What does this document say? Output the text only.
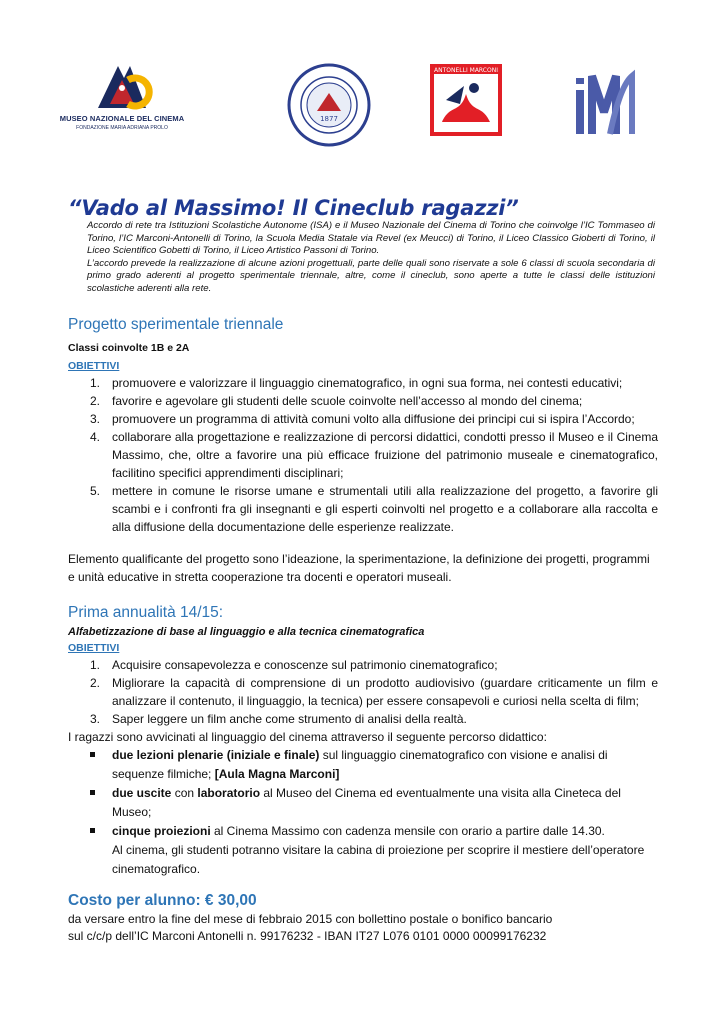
MUSEO NAZIONALE DEL CINEMA
FONDAZIONE MARIA ADRIANA PROLO
1877
ANTONELLI MARCONI
“Vado al Massimo! Il Cineclub ragazzi”

Accordo di rete tra Istituzioni Scolastiche Autonome (ISA) e il Museo Nazionale del Cinema di Torino che coinvolge l’IC Tommaseo di Torino, l’IC Marconi-Antonelli di Torino, la Scuola Media Statale via Revel (ex Meucci) di Torino, il Liceo Classico Gioberti di Torino, il Liceo Scientifico Gobetti di Torino, il Liceo Artistico Passoni di Torino.

L’accordo prevede la realizzazione di alcune azioni progettuali, parte delle quali sono riservate a sole 6 classi di scuola secondaria di primo grado aderenti al progetto sperimentale triennale, altre, come il cineclub, sono aperte a tutte le classi delle istituzioni scolastiche aderenti alla rete.

Progetto sperimentale triennale

Classi coinvolte 1B e 2A

OBIETTIVI

1. promuovere e valorizzare il linguaggio cinematografico, in ogni sua forma, nei contesti educativi;
2. favorire e agevolare gli studenti delle scuole coinvolte nell’accesso al mondo del cinema;
3. promuovere un programma di attività comuni volto alla diffusione dei principi cui si ispira l’Accordo;
4. collaborare alla progettazione e realizzazione di percorsi didattici, condotti presso il Museo e il Cinema Massimo, che, oltre a favorire una più efficace fruizione del patrimonio museale e cinematografico, facilitino specifici apprendimenti disciplinari;
5. mettere in comune le risorse umane e strumentali utili alla realizzazione del progetto, a favorire gli scambi e i confronti fra gli insegnanti e gli esperti coinvolti nel progetto e a collaborare alla raccolta e alla diffusione della documentazione delle esperienze realizzate.

Elemento qualificante del progetto sono l’ideazione, la sperimentazione, la definizione dei progetti, programmi e unità educative in stretta cooperazione tra docenti e operatori museali.

Prima annualità 14/15:

Alfabetizzazione di base al linguaggio e alla tecnica cinematografica

OBIETTIVI

1. Acquisire consapevolezza e conoscenze sul patrimonio cinematografico;
2. Migliorare la capacità di comprensione di un prodotto audiovisivo (guardare criticamente un film e analizzare il contenuto, il linguaggio, la tecnica) per essere consapevoli e curiosi nella scelta di film;
3. Saper leggere un film anche come strumento di analisi della realtà.

I ragazzi sono avvicinati al linguaggio del cinema attraverso il seguente percorso didattico:

due lezioni plenarie (iniziale e finale) sul linguaggio cinematografico con visione e analisi di sequenze filmiche; [Aula Magna Marconi]
due uscite con laboratorio al Museo del Cinema ed eventualmente una visita alla Cineteca del Museo;
cinque proiezioni al Cinema Massimo con cadenza mensile con orario a partire dalle 14.30.
Al cinema, gli studenti potranno visitare la cabina di proiezione per scoprire il mestiere dell’operatore cinematografico.
Costo per alunno: € 30,00

da versare entro la fine del mese di febbraio 2015 con bollettino postale o bonifico bancario

sul c/c/p dell’IC Marconi Antonelli n. 99176232 - IBAN IT27 L076 0101 0000 00099176232
